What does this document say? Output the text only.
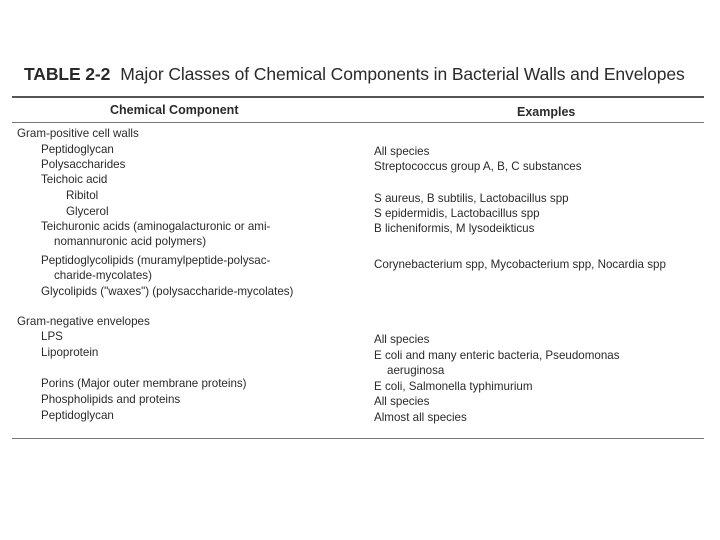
TABLE 2-2 Major Classes of Chemical Components in Bacterial Walls and Envelopes
Chemical Component	Examples
Gram-positive cell walls
Peptidoglycan	All species
Polysaccharides	Streptococcus group A, B, C substances
Teichoic acid
Ribitol	S aureus, B subtilis, Lactobacillus spp
Glycerol	S epidermidis, Lactobacillus spp
Teichuronic acids (aminogalacturonic or ami-	B licheniformis, M lysodeikticus
nomannuronic acid polymers)
Peptidoglycolipids (muramylpeptide-polysac-	Corynebacterium spp, Mycobacterium spp, Nocardia spp
charide-mycolates)
Glycolipids ("waxes") (polysaccharide-mycolates)
Gram-negative envelopes
LPS	All species
Lipoprotein	E coli and many enteric bacteria, Pseudomonas
aeruginosa
Porins (Major outer membrane proteins)	E coli, Salmonella typhimurium
Phospholipids and proteins	All species
Peptidoglycan	Almost all species
